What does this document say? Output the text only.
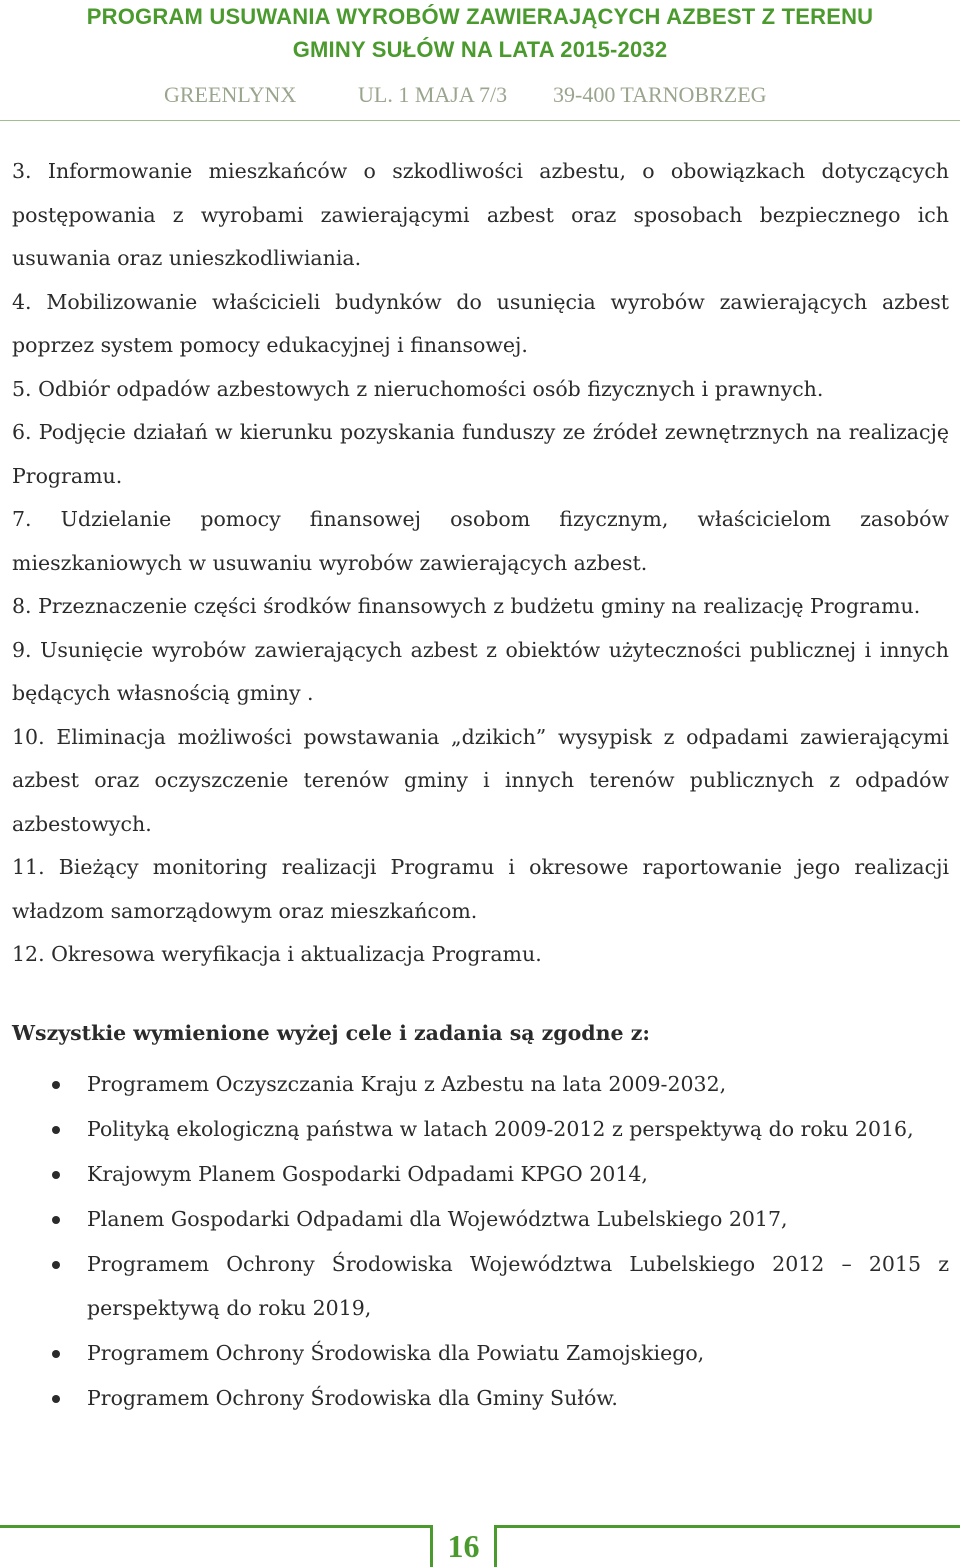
PROGRAM USUWANIA WYROBÓW ZAWIERAJĄCYCH AZBEST Z TERENU
GMINY SUŁÓW NA LATA 2015-2032
GREENLYNX	UL. 1 MAJA 7/3 39-400 TARNOBRZEG

3. Informowanie mieszkańców o szkodliwości azbestu, o obowiązkach dotyczących postępowania z wyrobami zawierającymi azbest oraz sposobach bezpiecznego ich usuwania oraz unieszkodliwiania.

4. Mobilizowanie właścicieli budynków do usunięcia wyrobów zawierających azbest poprzez system pomocy edukacyjnej i finansowej.

5. Odbiór odpadów azbestowych z nieruchomości osób fizycznych i prawnych.

6. Podjęcie działań w kierunku pozyskania funduszy ze źródeł zewnętrznych na realizację Programu.

7. Udzielanie pomocy finansowej osobom fizycznym, właścicielom zasobów mieszkaniowych w usuwaniu wyrobów zawierających azbest.

8. Przeznaczenie części środków finansowych z budżetu gminy na realizację Programu.

9. Usunięcie wyrobów zawierających azbest z obiektów użyteczności publicznej i innych będących własnością gminy .

10. Eliminacja możliwości powstawania „dzikich” wysypisk z odpadami zawierającymi azbest oraz oczyszczenie terenów gminy i innych terenów publicznych z odpadów azbestowych.

11. Bieżący monitoring realizacji Programu i okresowe raportowanie jego realizacji władzom samorządowym oraz mieszkańcom.

12. Okresowa weryfikacja i aktualizacja Programu.

Wszystkie wymienione wyżej cele i zadania są zgodne z:
Programem Oczyszczania Kraju z Azbestu na lata 2009-2032,
Polityką ekologiczną państwa w latach 2009-2012 z perspektywą do roku 2016,
Krajowym Planem Gospodarki Odpadami KPGO 2014,
Planem Gospodarki Odpadami dla Województwa Lubelskiego 2017,
Programem Ochrony Środowiska Województwa Lubelskiego 2012 – 2015 z perspektywą do roku 2019,
Programem Ochrony Środowiska dla Powiatu Zamojskiego,
Programem Ochrony Środowiska dla Gminy Sułów.
16
